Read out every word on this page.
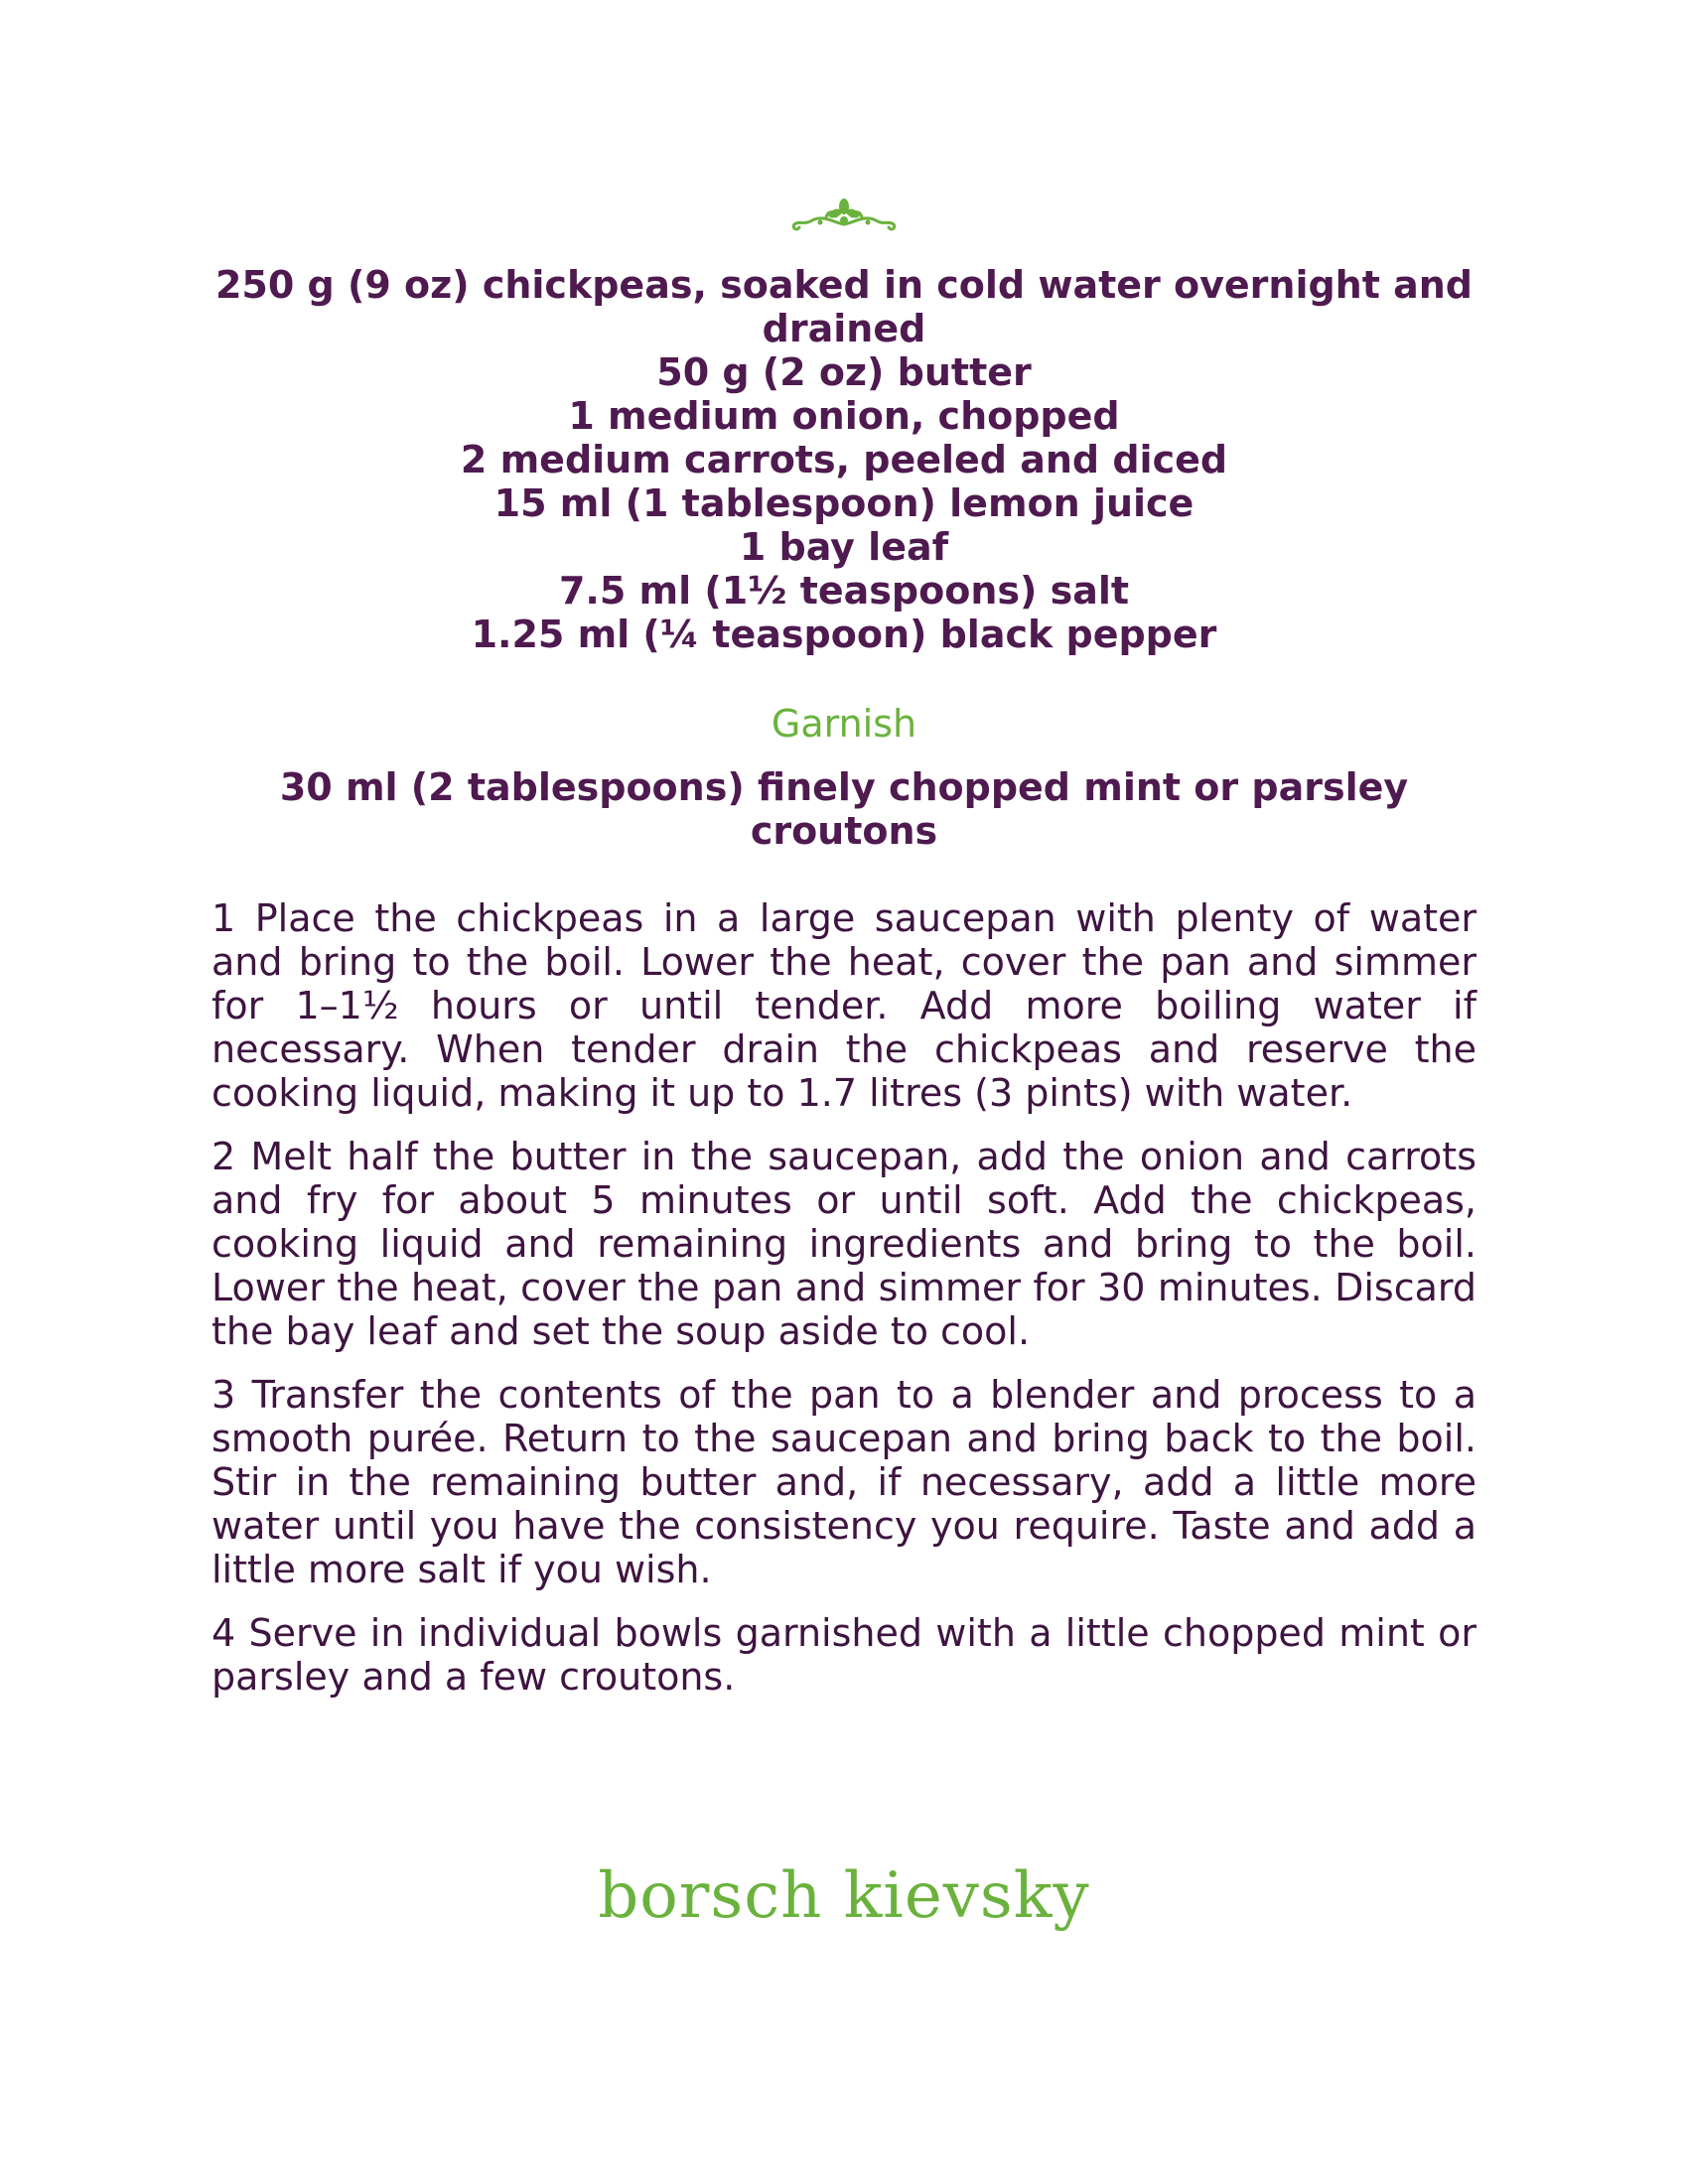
250 g (9 oz) chickpeas, soaked in cold water overnight and drained
50 g (2 oz) butter
1 medium onion, chopped
2 medium carrots, peeled and diced
15 ml (1 tablespoon) lemon juice
1 bay leaf
7.5 ml (1½ teaspoons) salt
1.25 ml (¼ teaspoon) black pepper
Garnish
30 ml (2 tablespoons) finely chopped mint or parsley
croutons

1 Place the chickpeas in a large saucepan with plenty of water and bring to the boil. Lower the heat, cover the pan and simmer for 1–1½ hours or until tender. Add more boiling water if necessary. When tender drain the chickpeas and reserve the cooking liquid, making it up to 1.7 litres (3 pints) with water.

2 Melt half the butter in the saucepan, add the onion and carrots and fry for about 5 minutes or until soft. Add the chickpeas, cooking liquid and remaining ingredients and bring to the boil. Lower the heat, cover the pan and simmer for 30 minutes. Discard the bay leaf and set the soup aside to cool.

3 Transfer the contents of the pan to a blender and process to a smooth purée. Return to the saucepan and bring back to the boil. Stir in the remaining butter and, if necessary, add a little more water until you have the consistency you require. Taste and add a little more salt if you wish.

4 Serve in individual bowls garnished with a little chopped mint or parsley and a few croutons.

borsch kievsky
